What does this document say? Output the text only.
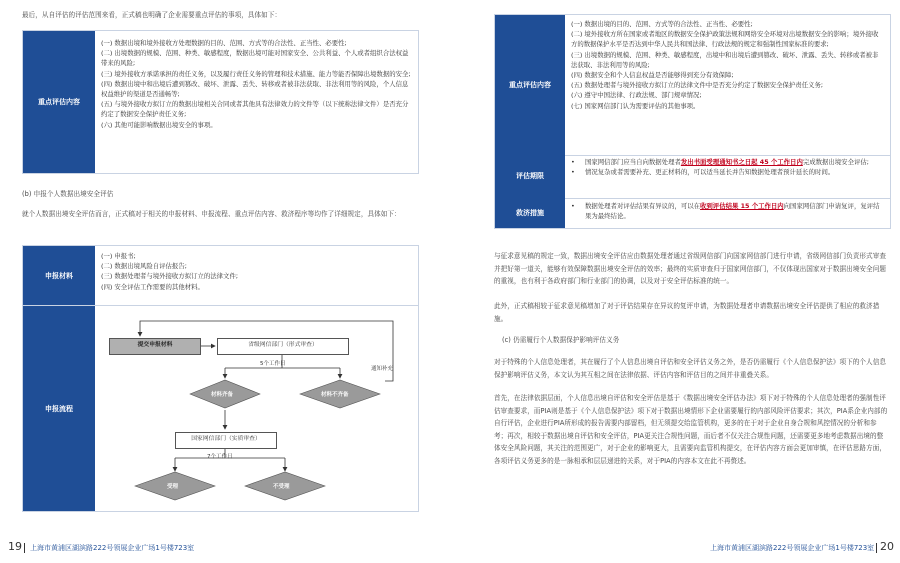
最后，从自评估的评估范围来看，正式稿也明确了企业需要重点评估的事项，具体如下：
重点评估内容
(一) 数据出境和境外接收方处理数据的目的、范围、方式等的合法性、正当性、必要性;
(二) 出境数据的规模、范围、种类、敏感程度，数据出境可能对国家安全、公共利益、个人或者组织合法权益带来的风险;
(三) 境外接收方承诺承担的责任义务，以及履行责任义务的管理和技术措施、能力等能否保障出境数据的安全;
(四) 数据出境中和出境后遭到篡改、破坏、泄露、丢失、转移或者被非法获取、非法利用等的风险，个人信息权益维护的渠道是否通畅等;
(五) 与境外接收方拟订立的数据出境相关合同或者其他具有法律效力的文件等（以下统称法律文件）是否充分约定了数据安全保护责任义务;
(六) 其他可能影响数据出境安全的事项。
(b) 申报个人数据出境安全评估
就个人数据出境安全评估而言，正式稿对于相关的申报材料、申报流程、重点评估内容、救济程序等均作了详细规定，具体如下：
申报材料
(一) 申报书;
(二) 数据出境风险自评估报告;
(三) 数据处理者与境外接收方拟订立的法律文件;
(四) 安全评估工作需要的其他材料。
申报流程
提交申报材料	省级网信部门（形式审查）
5个工作日
材料齐备	材料不齐备
通知补充
国家网信部门（实质审查）
7个工作日
受理	不受理
19 上海市黄浦区湖滨路222号领展企业广场1号楼723室
重点评估内容
(一) 数据出境的目的、范围、方式等的合法性、正当性、必要性;
(二) 境外接收方所在国家或者地区的数据安全保护政策法规和网络安全环境对出境数据安全的影响；境外接收方的数据保护水平是否达到中华人民共和国法律、行政法规的规定和强制性国家标准的要求;
(三) 出境数据的规模、范围、种类、敏感程度，出境中和出境后遭到篡改、破坏、泄露、丢失、转移或者被非法获取、非法利用等的风险;
(四) 数据安全和个人信息权益是否能够得到充分有效保障;
(五) 数据处理者与境外接收方拟订立的法律文件中是否充分约定了数据安全保护责任义务;
(六) 遵守中国法律、行政法规、部门规章情况;
(七) 国家网信部门认为需要评估的其他事项。
评估期限
•	国家网信部门应当自向数据处理者发出书面受理通知书之日起 45 个工作日内完成数据出境安全评估;
•	情况复杂或者需要补充、更正材料的，可以适当延长并告知数据处理者预计延长的时间。
救济措施
•	数据处理者对评估结果有异议的，可以在收到评估结果 15 个工作日内向国家网信部门申请复评，复评结果为最终结论。
与征求意见稿的规定一致，数据出境安全评估应由数据处理者通过省级网信部门向国家网信部门进行申请，省级网信部门负责形式审查并把好第一道关，能够有效保障数据出境安全评估的效率；最终的实质审查归于国家网信部门，不仅体现出国家对于数据出境安全问题的重视，也有利于各政府部门和行业部门的协调，以及对于安全评估标准的统一。
此外，正式稿相较于征求意见稿增加了对于评估结果存在异议的复评申请，为数据处理者申请数据出境安全评估提供了相应的救济措施。
(c) 仍需履行个人数据保护影响评估义务
对于特殊的个人信息处理者，其在履行了个人信息出境自评估和安全评估义务之外，是否仍需履行《个人信息保护法》项下的个人信息保护影响评估义务，本文认为其互相之间在法律依据、评估内容和评估目的之间并非重叠关系。
首先，在法律依据层面，个人信息出境自评估和安全评估是基于《数据出境安全评估办法》项下对于特殊的个人信息处理者的强制性评估审查要求，而PIA则是基于《个人信息保护法》项下对于数据出境情形下企业需要履行的内部风险评估要求；其次，PIA系企业内部的自行评估，企业进行PIA所形成的报告需要内部留档，但无须提交给监管机构，更多的在于对于企业自身合规和风控情况的分析和参考；再次，相较于数据出境自评估和安全评估，PIA更关注合规性问题，而后者不仅关注合规性问题，还需要更多地考虑数据出境的整体安全风险问题，其关注的范围更广，对于企业的影响更大，且需要向监管机构提交，在评估内容方面会更加审慎，在评估思路方面，各项评估义务更多的是一脉相承和层层递进的关系，对于PIA的内容本文在此不再赘述。
上海市黄浦区湖滨路222号领展企业广场1号楼723室 20
